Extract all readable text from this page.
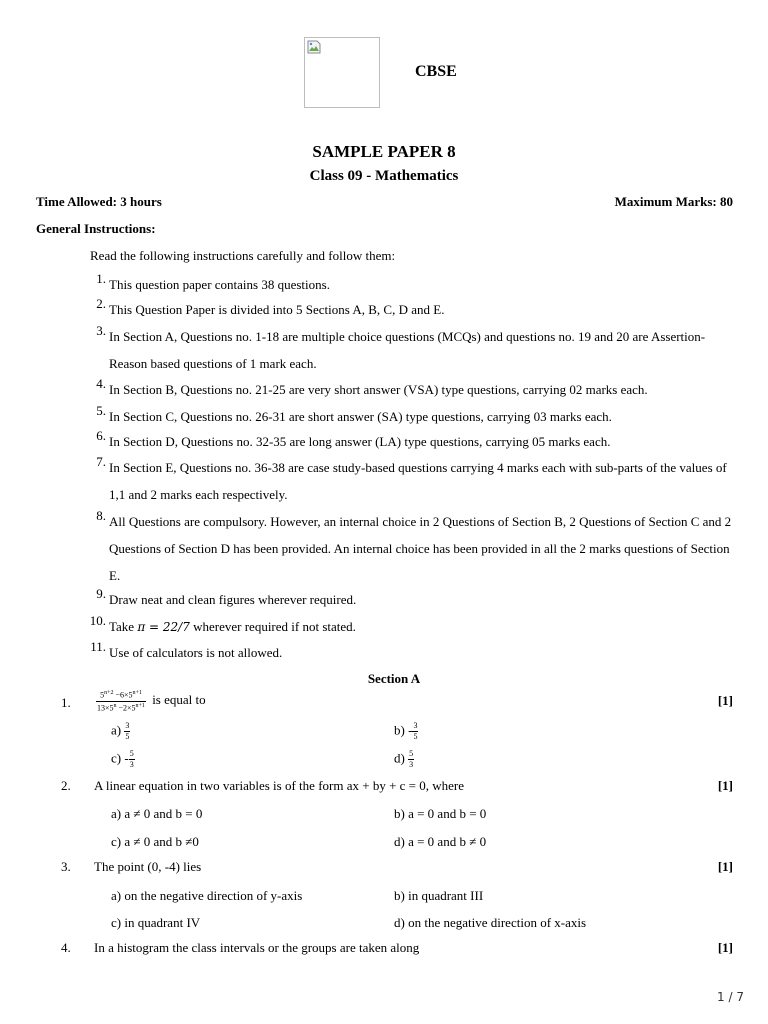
CBSE
SAMPLE PAPER 8
Class 09 - Mathematics
Time Allowed: 3 hours	Maximum Marks: 80
General Instructions:
Read the following instructions carefully and follow them:
1. This question paper contains 38 questions.
2. This Question Paper is divided into 5 Sections A, B, C, D and E.
3. In Section A, Questions no. 1-18 are multiple choice questions (MCQs) and questions no. 19 and 20 are Assertion-Reason based questions of 1 mark each.
4. In Section B, Questions no. 21-25 are very short answer (VSA) type questions, carrying 02 marks each.
5. In Section C, Questions no. 26-31 are short answer (SA) type questions, carrying 03 marks each.
6. In Section D, Questions no. 32-35 are long answer (LA) type questions, carrying 05 marks each.
7. In Section E, Questions no. 36-38 are case study-based questions carrying 4 marks each with sub-parts of the values of 1,1 and 2 marks each respectively.
8. All Questions are compulsory. However, an internal choice in 2 Questions of Section B, 2 Questions of Section C and 2 Questions of Section D has been provided. An internal choice has been provided in all the 2 marks questions of Section E.
9. Draw neat and clean figures wherever required.
10. Take π = 22/7 wherever required if not stated.
11. Use of calculators is not allowed.
Section A
1.	$\frac{5^{n+2} -6\times 5^{n+1}}{13\times 5^n -2\times 5^{n+1}}$ is equal to	[1]
$a) \frac{3}{5}$	$b) - \frac{3}{5}$
$c) - \frac{5}{3}$	$d) \frac{5}{3}$
2. A linear equation in two variables is of the form ax + by + c = 0, where	[1]
a) a ≠ 0 and b = 0	b) a = 0 and b = 0
c) a ≠ 0 and b ≠0	d) a = 0 and b ≠ 0
3. The point (0, -4) lies	[1]
a) on the negative direction of y-axis	b) in quadrant III
c) in quadrant IV	d) on the negative direction of x-axis
4. In a histogram the class intervals or the groups are taken along	[1]
1 / 7
